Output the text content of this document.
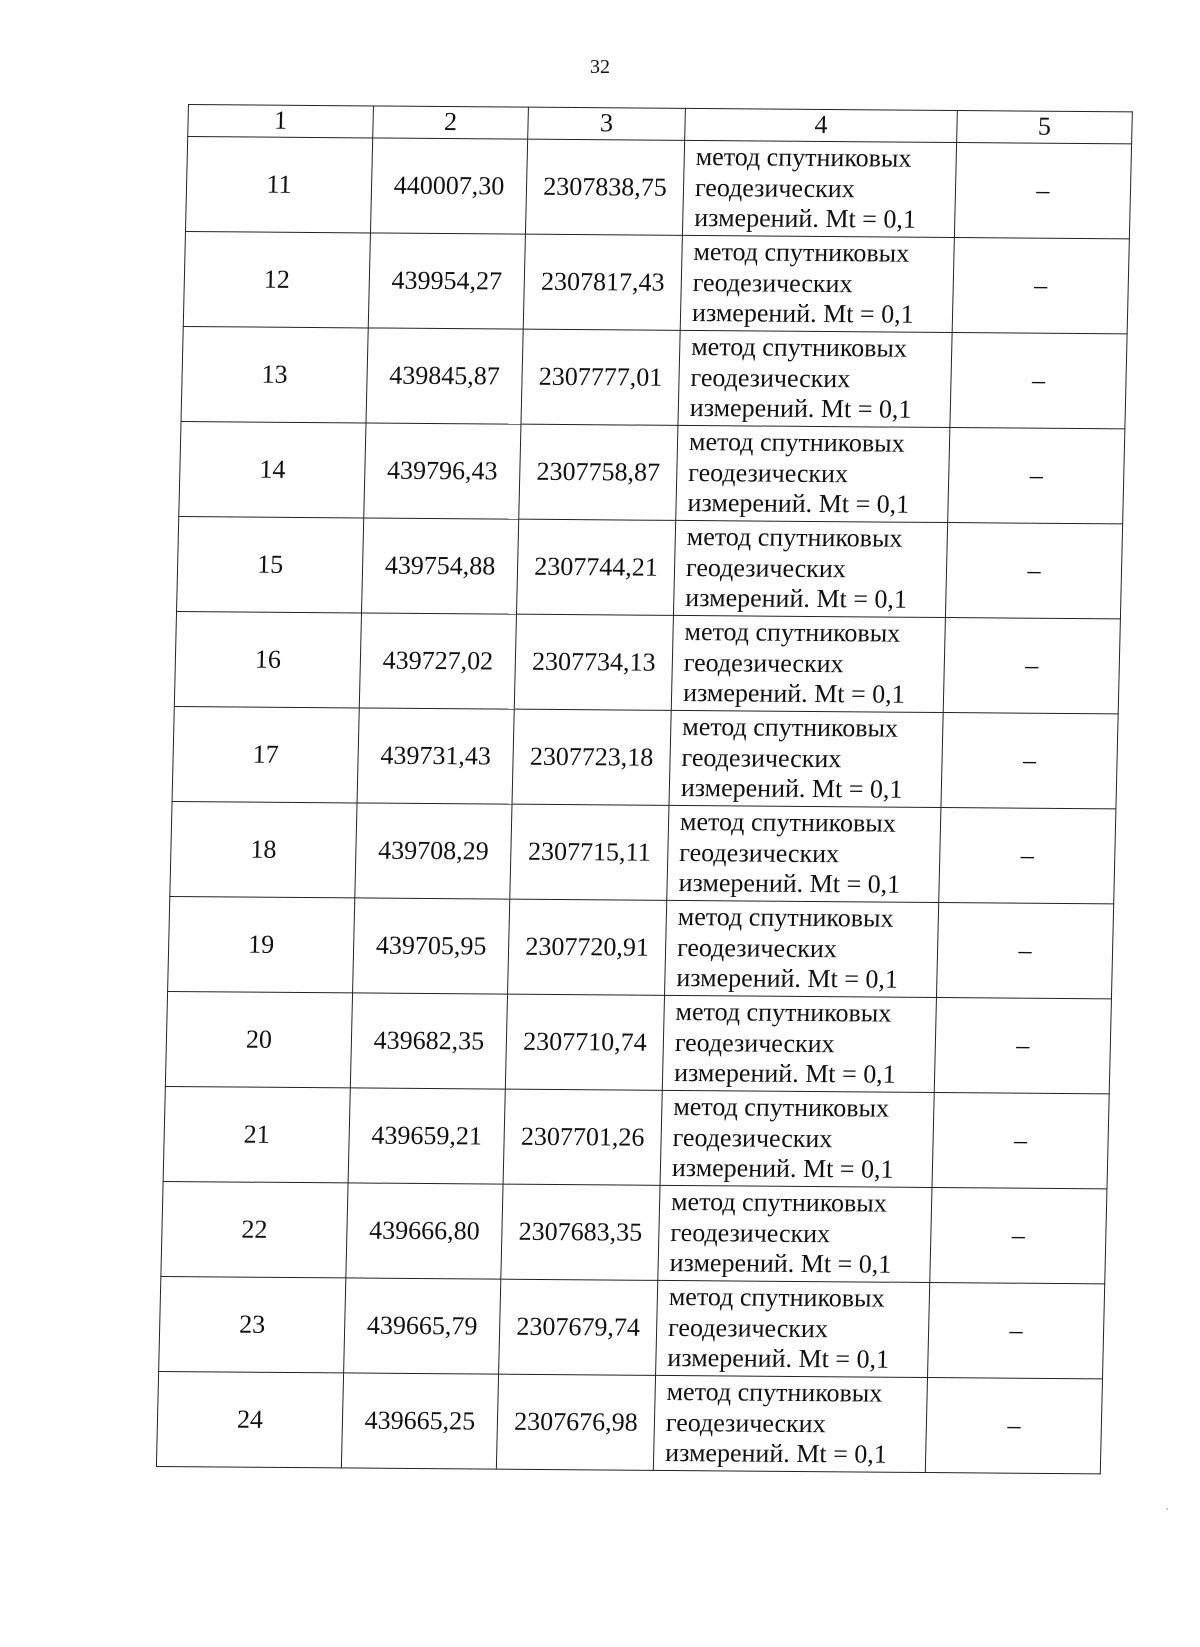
32
1	2	3	4	5
11	440007,30	2307838,75	метод спутниковых
геодезических
измерений. Mt = 0,1	–
12	439954,27	2307817,43	метод спутниковых
геодезических
измерений. Mt = 0,1	–
13	439845,87	2307777,01	метод спутниковых
геодезических
измерений. Mt = 0,1	–
14	439796,43	2307758,87	метод спутниковых
геодезических
измерений. Mt = 0,1	–
15	439754,88	2307744,21	метод спутниковых
геодезических
измерений. Mt = 0,1	–
16	439727,02	2307734,13	метод спутниковых
геодезических
измерений. Mt = 0,1	–
17	439731,43	2307723,18	метод спутниковых
геодезических
измерений. Mt = 0,1	–
18	439708,29	2307715,11	метод спутниковых
геодезических
измерений. Mt = 0,1	–
19	439705,95	2307720,91	метод спутниковых
геодезических
измерений. Mt = 0,1	–
20	439682,35	2307710,74	метод спутниковых
геодезических
измерений. Mt = 0,1	–
21	439659,21	2307701,26	метод спутниковых
геодезических
измерений. Mt = 0,1	–
22	439666,80	2307683,35	метод спутниковых
геодезических
измерений. Mt = 0,1	–
23	439665,79	2307679,74	метод спутниковых
геодезических
измерений. Mt = 0,1	–
24	439665,25	2307676,98	метод спутниковых
геодезических
измерений. Mt = 0,1	–
